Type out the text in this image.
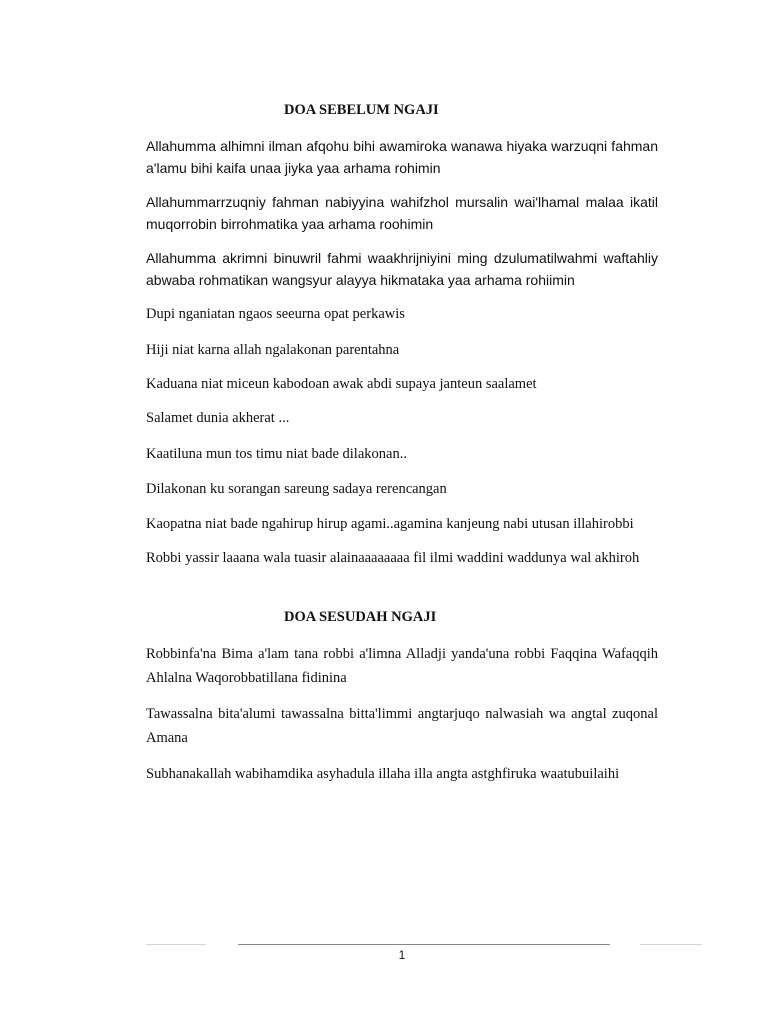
DOA SEBELUM NGAJI

Allahumma alhimni ilman afqohu bihi awamiroka wanawa hiyaka warzuqni fahman a'lamu bihi kaifa unaa jiyka yaa arhama rohimin

Allahummarrzuqniy fahman nabiyyina wahifzhol mursalin wai'lhamal malaa ikatil muqorrobin birrohmatika yaa arhama roohimin

Allahumma akrimni binuwril fahmi waakhrijniyini ming dzulumatilwahmi waftahliy abwaba rohmatikan wangsyur alayya hikmataka yaa arhama rohiimin

Dupi nganiatan ngaos seeurna opat perkawis

Hiji niat karna allah ngalakonan parentahna

Kaduana niat miceun kabodoan awak abdi supaya janteun saalamet

Salamet dunia akherat ...

Kaatiluna mun tos timu niat bade dilakonan..

Dilakonan ku sorangan sareung sadaya rerencangan

Kaopatna niat bade ngahirup hirup agami..agamina kanjeung nabi utusan illahirobbi

Robbi yassir laaana wala tuasir alainaaaaaaaa fil ilmi waddini waddunya wal akhiroh

DOA SESUDAH NGAJI

Robbinfa'na Bima a'lam tana robbi a'limna Alladji yanda'una robbi Faqqina Wafaqqih Ahlalna Waqorobbatillana fidinina

Tawassalna bita'alumi tawassalna bitta'limmi angtarjuqo nalwasiah wa angtal zuqonal Amana

Subhanakallah wabihamdika asyhadula illaha illa angta astghfiruka waatubuilaihi

1
